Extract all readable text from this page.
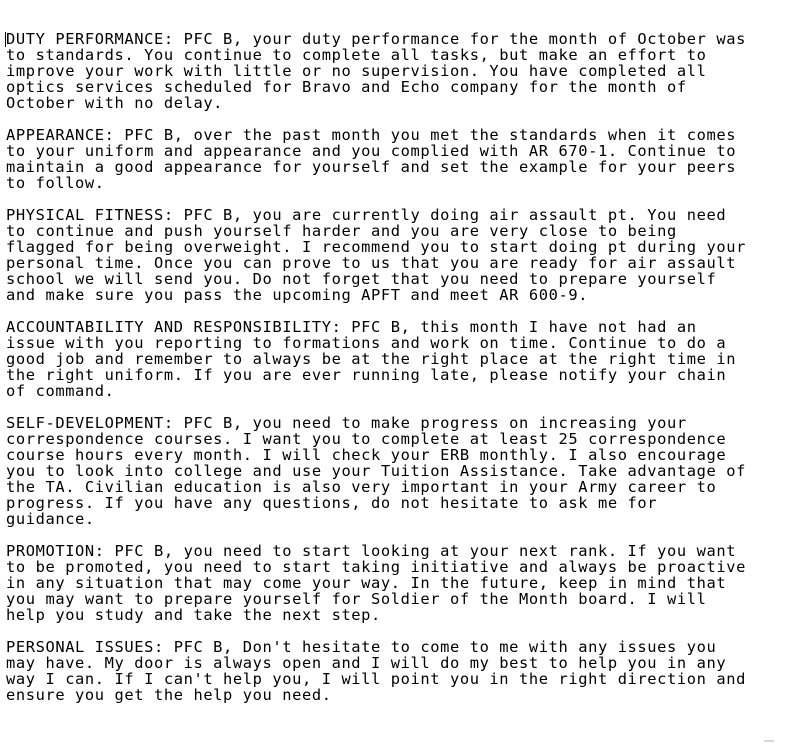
DUTY PERFORMANCE: PFC B, your duty performance for the month of October was
to standards. You continue to complete all tasks, but make an effort to
improve your work with little or no supervision. You have completed all
optics services scheduled for Bravo and Echo company for the month of
October with no delay.
APPEARANCE: PFC B, over the past month you met the standards when it comes
to your uniform and appearance and you complied with AR 670-1. Continue to
maintain a good appearance for yourself and set the example for your peers
to follow.
PHYSICAL FITNESS: PFC B, you are currently doing air assault pt. You need
to continue and push yourself harder and you are very close to being
flagged for being overweight. I recommend you to start doing pt during your
personal time. Once you can prove to us that you are ready for air assault
school we will send you. Do not forget that you need to prepare yourself
and make sure you pass the upcoming APFT and meet AR 600-9.
ACCOUNTABILITY AND RESPONSIBILITY: PFC B, this month I have not had an
issue with you reporting to formations and work on time. Continue to do a
good job and remember to always be at the right place at the right time in
the right uniform. If you are ever running late, please notify your chain
of command.
SELF-DEVELOPMENT: PFC B, you need to make progress on increasing your
correspondence courses. I want you to complete at least 25 correspondence
course hours every month. I will check your ERB monthly. I also encourage
you to look into college and use your Tuition Assistance. Take advantage of
the TA. Civilian education is also very important in your Army career to
progress. If you have any questions, do not hesitate to ask me for
guidance.
PROMOTION: PFC B, you need to start looking at your next rank. If you want
to be promoted, you need to start taking initiative and always be proactive
in any situation that may come your way. In the future, keep in mind that
you may want to prepare yourself for Soldier of the Month board. I will
help you study and take the next step.
PERSONAL ISSUES: PFC B, Don't hesitate to come to me with any issues you
may have. My door is always open and I will do my best to help you in any
way I can. If I can't help you, I will point you in the right direction and
ensure you get the help you need.
